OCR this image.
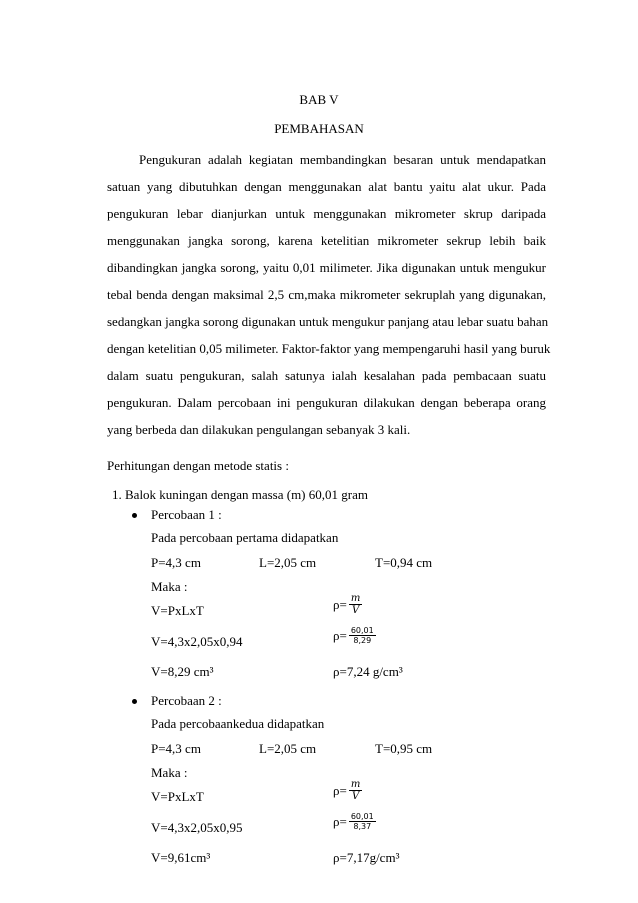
BAB V
PEMBAHASAN
Pengukuran adalah kegiatan membandingkan besaran untuk mendapatkan
satuan yang dibutuhkan dengan menggunakan alat bantu yaitu alat ukur. Pada
pengukuran lebar dianjurkan untuk menggunakan mikrometer skrup daripada
menggunakan jangka sorong, karena ketelitian mikrometer sekrup lebih baik
dibandingkan jangka sorong, yaitu 0,01 milimeter. Jika digunakan untuk mengukur
tebal benda dengan maksimal 2,5 cm,maka mikrometer sekruplah yang digunakan,
sedangkan jangka sorong digunakan untuk mengukur panjang atau lebar suatu bahan
dengan ketelitian 0,05 milimeter. Faktor-faktor yang mempengaruhi hasil yang buruk
dalam suatu pengukuran, salah satunya ialah kesalahan pada pembacaan suatu
pengukuran. Dalam percobaan ini pengukuran dilakukan dengan beberapa orang
yang berbeda dan dilakukan pengulangan sebanyak 3 kali.
Perhitungan dengan metode statis :
1. Balok kuningan dengan massa (m) 60,01 gram
Percobaan 1 :
Pada percobaan pertama didapatkan
P=4,3 cm	L=2,05 cm	T=0,94 cm
Maka :
V=PxLxT	$\rho= \frac{m}{V}$
V=4,3x2,05x0,94	$\rho= \frac{60,01}{8,29}$
V=8,29 cm³	ρ=7,24 g/cm³
Percobaan 2 :
Pada percobaankedua didapatkan
P=4,3 cm	L=2,05 cm	T=0,95 cm
Maka :
V=PxLxT	$\rho= \frac{m}{V}$
V=4,3x2,05x0,95	$\rho= \frac{60,01}{8,37}$
V=9,61cm³	ρ=7,17g/cm³
